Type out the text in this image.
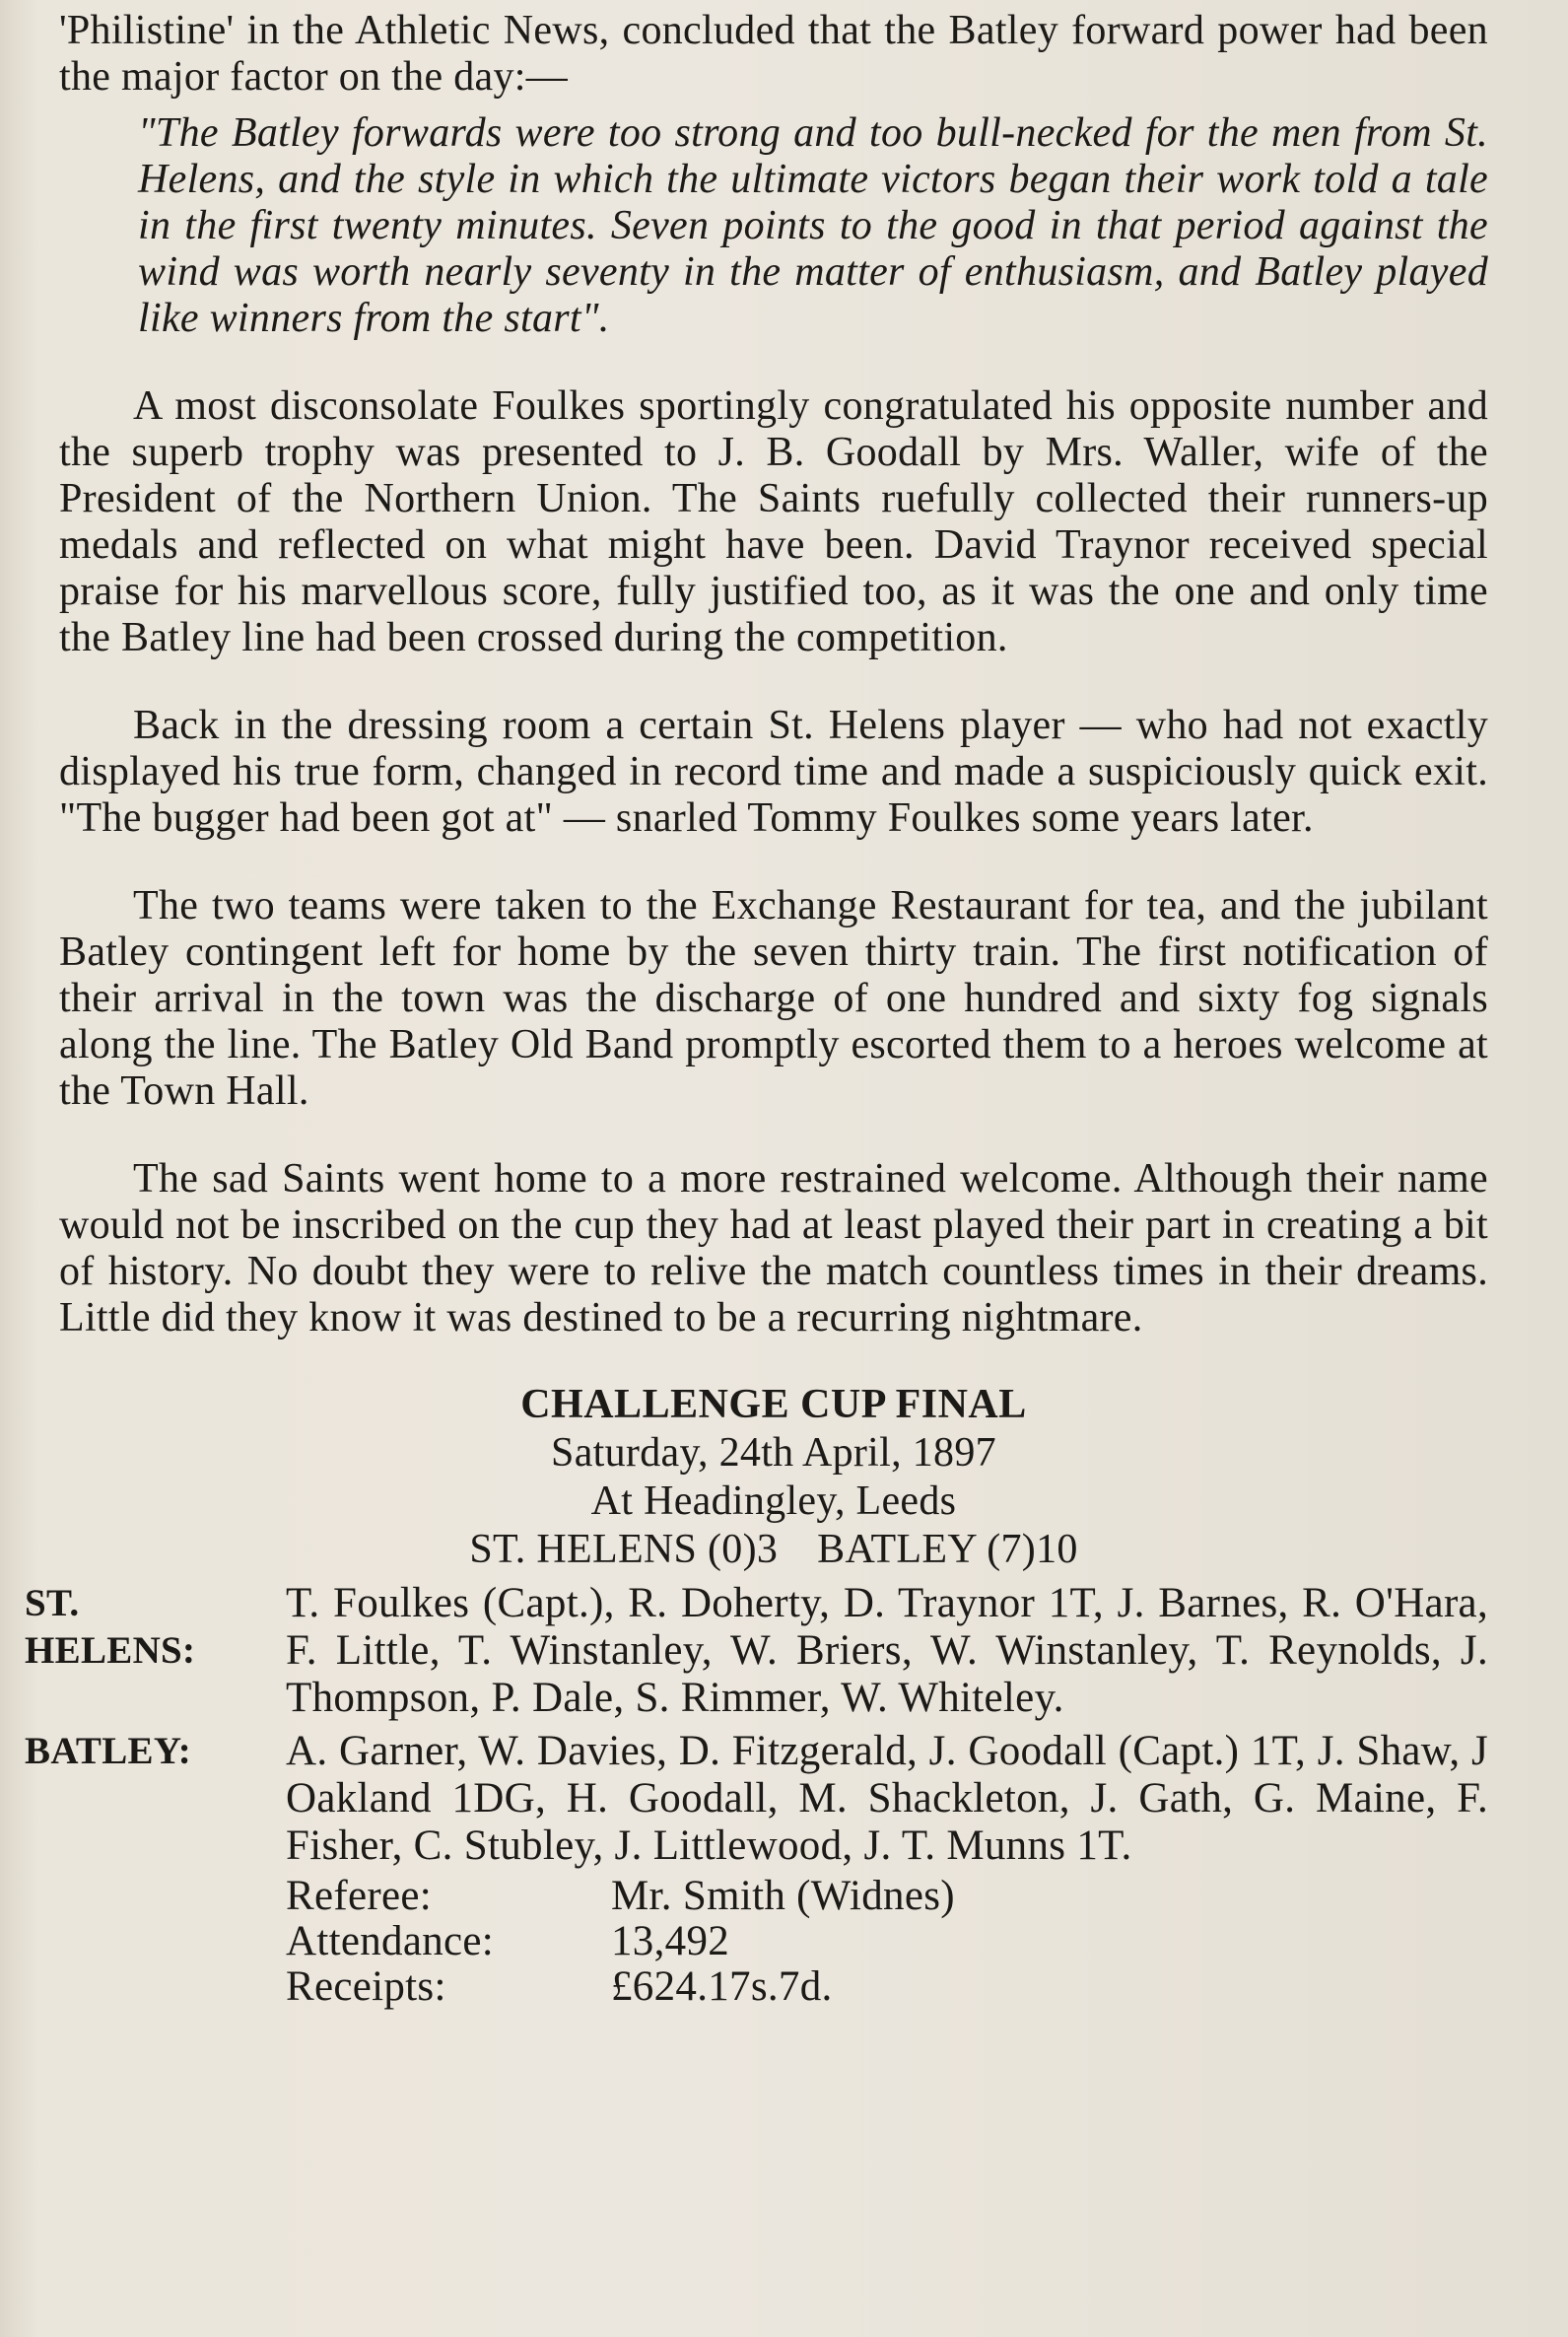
'Philistine' in the Athletic News, concluded that the Batley forward power had been the major factor on the day:—

"The Batley forwards were too strong and too bull-necked for the men from St. Helens, and the style in which the ultimate victors began their work told a tale in the first twenty minutes. Seven points to the good in that period against the wind was worth nearly seventy in the matter of enthusiasm, and Batley played like winners from the start".

A most disconsolate Foulkes sportingly congratulated his opposite number and the superb trophy was presented to J. B. Goodall by Mrs. Waller, wife of the President of the Northern Union. The Saints ruefully collected their runners-up medals and reflected on what might have been. David Traynor received special praise for his marvellous score, fully justified too, as it was the one and only time the Batley line had been crossed during the competition.

Back in the dressing room a certain St. Helens player — who had not exactly displayed his true form, changed in record time and made a suspiciously quick exit. "The bugger had been got at" — snarled Tommy Foulkes some years later.

The two teams were taken to the Exchange Restaurant for tea, and the jubilant Batley contingent left for home by the seven thirty train. The first notification of their arrival in the town was the discharge of one hundred and sixty fog signals along the line. The Batley Old Band promptly escorted them to a heroes welcome at the Town Hall.

The sad Saints went home to a more restrained welcome. Although their name would not be inscribed on the cup they had at least played their part in creating a bit of history. No doubt they were to relive the match countless times in their dreams. Little did they know it was destined to be a recurring nightmare.

CHALLENGE CUP FINAL
Saturday, 24th April, 1897
At Headingley, Leeds
ST. HELENS (0)3 BATLEY (7)10
ST. HELENS:
T. Foulkes (Capt.), R. Doherty, D. Traynor 1T, J. Barnes, R. O'Hara, F. Little, T. Winstanley, W. Briers, W. Winstanley, T. Reynolds, J. Thompson, P. Dale, S. Rimmer, W. Whiteley.
BATLEY:	A. Garner, W. Davies, D. Fitzgerald, J. Goodall (Capt.) 1T, J. Shaw, J Oakland 1DG, H. Goodall, M. Shackleton, J. Gath, G. Maine, F. Fisher, C. Stubley, J. Littlewood, J. T. Munns 1T.
Referee:	Mr. Smith (Widnes)
Attendance:	13,492
Receipts:	£624.17s.7d.
